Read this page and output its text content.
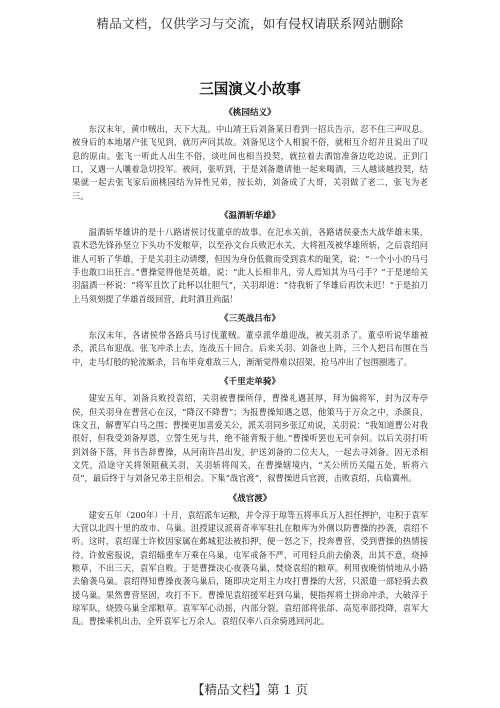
精品文档，仅供学习与交流，如有侵权请联系网站删除
三国演义小故事
《桃园结义》

东汉末年，黄巾贼出，天下大乱。中山靖王后刘备某日看到一招兵告示，忍不住三声叹息。被身后的本地屠户张飞见到，就厉声问其故。刘备见这个人相貌不俗，就相互介绍并且说出了叹息的原由。张飞一听此人出生不俗，谈吐间也相当投契，就拉着去酒馆准备边吃边说。正到门口，又遇一人嚷着急切投军。被问，张听到，于是刘备邀请他一起来喝酒，三人越谈越投契，结果就一起去张飞家后面桃园结为异性兄弟，按长幼，刘备成了大哥，关羽做了老二，张飞为老三。

《温酒斩华雄》

温酒斩华雄讲的是十八路诸侯讨伐董卓的故事。在汜水关前，各路诸侯豪杰大战华雄未果，袁术恐先锋孙坚立下头功不发粮草，以至孙文台兵败汜水关，大将祖茂被华雄所斩，之后袁绍问谁人可斩了华雄，于是关羽主动请缨，但因为身份低微而受到袁术的耻笑，说：“一个小小的马弓手也敢口出狂言。”曹操觉得他是英雄，说：“此人长相非凡，旁人焉知其为马弓手？”于是递给关羽温酒一杯说：“将军且饮了此杯以壮胆气”，关羽却道：“待我斩了华雄后再饮未迟！”于是拍刀上马须刻提了华雄首级回营，此时酒且尚温！

《三英战吕布》

东汉末年，各诸侯带各路兵马讨伐董贼。董卓派华雄迎战，被关羽杀了。董卓听说华雄被杀，派吕布迎战。张飞冲杀上去，连战五十回合。后来关羽、刘备也上阵，三个人把吕布围在当中，走马灯般的轮流厮杀，吕布毕竟难敌三人，渐渐觉得难以招架，抢马冲出了包围圈逃了。

《千里走单骑》

建安五年，刘备兵败投袁绍，关羽被曹操所俘，曹操礼遇甚厚，拜为偏将军，封为汉寿亭侯，但关羽身在曹营心在汉，“降汉不降曹”；为报曹操知遇之恩，他策马于万众之中，杀颜良，诛文丑，解曹军白马之围；曹操更加喜爱关公，派关羽同乡张辽劝说，关羽说：“我知道曹公对我很好，但我受刘备厚恩，立誓生死与共，绝不能背叛于他。”曹操听罢也无可奈何。以后关羽打听到刘备下落，拜书告辞曹操，从河南许昌出发，护送刘备的二位夫人，一起去寻刘备。因无杀相文凭，沿途守关将领阻截关羽，关羽斩将闯关，在曹操辖境内，“关公所历关隘五处，斩将六员”，最后终于与刘备兄弟主臣相会。下集“战官渡”，叙曹操进兵官渡，击败袁绍，兵临冀州。

《战官渡》

建安五年（200年）十月，袁绍派车运粮，并令淳于琼等五将率兵万人担任押护，屯积于袁军大营以北四十里的故市、乌巢。沮授建议派蒋奇率军驻扎在粮库为外侧以防曹操的抄袭，袁绍不听。这时，袁绍谋士许攸因家属在邺城犯法被扣押，便一怒之下，投奔曹营，受到曹操的热情接待。许攸密报说，袁绍辎重车万乘在乌巢，屯军戒备不严，可用轻兵前去偷袭，出其不意，烧掉粮草，不出三天，袁军自败。于是曹操决心夜袭乌巢，焚烧袁绍的粮草。利用夜晚悄悄地从小路去偷袭乌巢。袁绍得知曹操夜袭乌巢后，随即决定用主力攻打曹操的大营，只派遣一部轻骑去救援乌巢。果然曹营坚固，攻打不下。曹操见袁绍援军赶到乌巢，便指挥将士拼命冲杀，大破淳于琼军队，烧毁乌巢全部粮草。袁军军心动摇，内部分裂。袁绍部将张郃、高览率部投降，袁军大乱。曹操乘机出击，全歼袁军七万余人。袁绍仅率八百余骑逃回河北。

【精品文档】第 1 页
